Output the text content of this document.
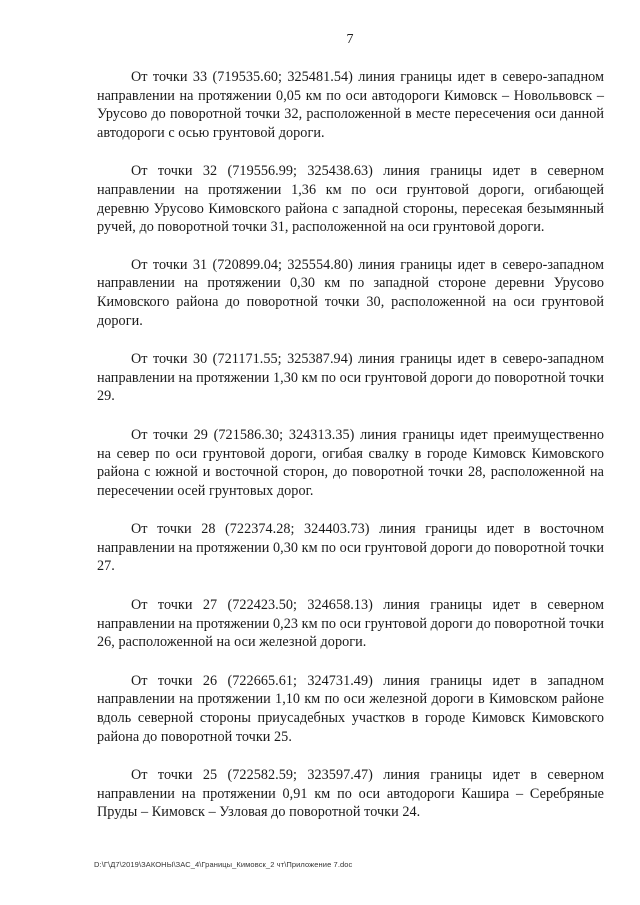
7

От точки 33 (719535.60; 325481.54) линия границы идет в северо-западном направлении на протяжении 0,05 км по оси автодороги Кимовск – Новольвовск – Урусово до поворотной точки 32, расположенной в месте пересечения оси данной автодороги с осью грунтовой дороги.

От точки 32 (719556.99; 325438.63) линия границы идет в северном направлении на протяжении 1,36 км по оси грунтовой дороги, огибающей деревню Урусово Кимовского района с западной стороны, пересекая безымянный ручей, до поворотной точки 31, расположенной на оси грунтовой дороги.

От точки 31 (720899.04; 325554.80) линия границы идет в северо-западном направлении на протяжении 0,30 км по западной стороне деревни Урусово Кимовского района до поворотной точки 30, расположенной на оси грунтовой дороги.

От точки 30 (721171.55; 325387.94) линия границы идет в северо-западном направлении на протяжении 1,30 км по оси грунтовой дороги до поворотной точки 29.

От точки 29 (721586.30; 324313.35) линия границы идет преимущественно на север по оси грунтовой дороги, огибая свалку в городе Кимовск Кимовского района с южной и восточной сторон, до поворотной точки 28, расположенной на пересечении осей грунтовых дорог.

От точки 28 (722374.28; 324403.73) линия границы идет в восточном направлении на протяжении 0,30 км по оси грунтовой дороги до поворотной точки 27.

От точки 27 (722423.50; 324658.13) линия границы идет в северном направлении на протяжении 0,23 км по оси грунтовой дороги до поворотной точки 26, расположенной на оси железной дороги.

От точки 26 (722665.61; 324731.49) линия границы идет в западном направлении на протяжении 1,10 км по оси железной дороги в Кимовском районе вдоль северной стороны приусадебных участков в городе Кимовск Кимовского района до поворотной точки 25.

От точки 25 (722582.59; 323597.47) линия границы идет в северном направлении на протяжении 0,91 км по оси автодороги Кашира – Серебряные Пруды – Кимовск – Узловая до поворотной точки 24.

D:\Г\Д7\2019\ЗАКОНЫ\ЗАС_4\Границы_Кимовск_2 чт\Приложение 7.doc
